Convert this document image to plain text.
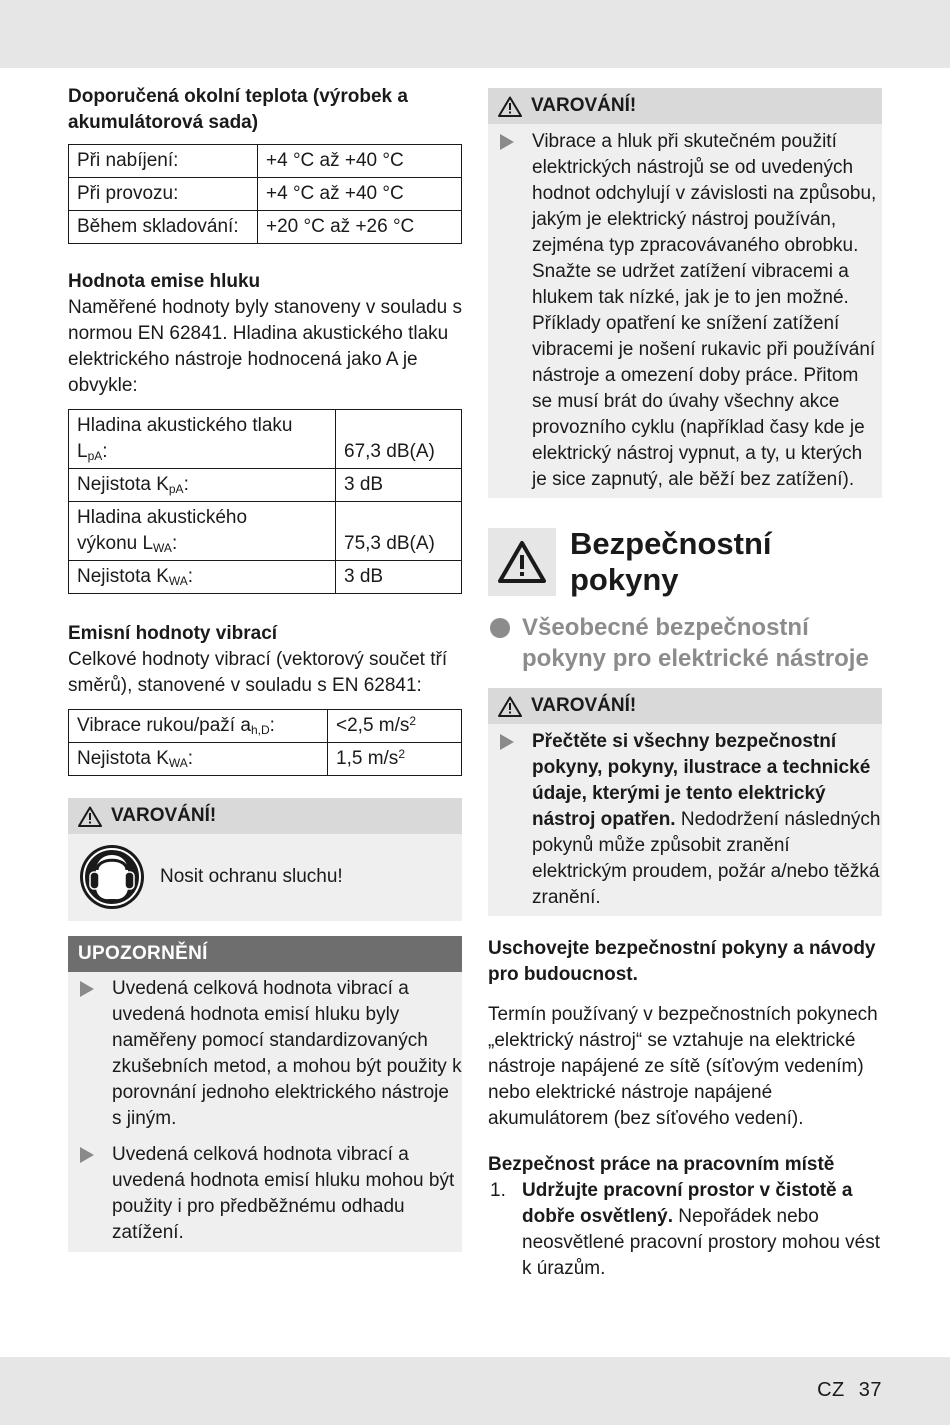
Doporučená okolní teplota (výrobek a akumulátorová sada)

Při nabíjení:	+4 °C až +40 °C
Při provozu:	+4 °C až +40 °C
Během skladování:	+20 °C až +26 °C

Hodnota emise hluku

Naměřené hodnoty byly stanoveny v souladu s normou EN 62841. Hladina akustického tlaku elektrického nástroje hodnocená jako A je obvykle:

Hladina akustického tlaku $L_{pA}$:	67,3 dB(A)
Nejistota $K_{pA}$:	3 dB
Hladina akustického
výkonu $L_{WA}$:	75,3 dB(A)
Nejistota $K_{WA}$:	3 dB

Emisní hodnoty vibrací

Celkové hodnoty vibrací (vektorový součet tří směrů), stanovené v souladu s EN 62841:

Vibrace rukou/paží $a_{h,D}$:	<2,5 $m/s^2$
Nejistota $K_{WA}$:	1,5 $m/s^2$
VAROVÁNÍ!
Nosit ochranu sluchu!
UPOZORNĚNÍ
Uvedená celková hodnota vibrací a uvedená hodnota emisí hluku byly naměřeny pomocí standardizovaných zkušebních metod, a mohou být použity k porovnání jednoho elektrického nástroje s jiným.
Uvedená celková hodnota vibrací a uvedená hodnota emisí hluku mohou být použity i pro předběžnému odhadu zatížení.
VAROVÁNÍ!
Vibrace a hluk při skutečném použití elektrických nástrojů se od uvedených hodnot odchylují v závislosti na způsobu, jakým je elektrický nástroj používán, zejména typ zpracovávaného obrobku. Snažte se udržet zatížení vibracemi a hlukem tak nízké, jak je to jen možné. Příklady opatření ke snížení zatížení vibracemi je nošení rukavic při používání nástroje a omezení doby práce. Přitom se musí brát do úvahy všechny akce provozního cyklu (například časy kde je elektrický nástroj vypnut, a ty, u kterých je sice zapnutý, ale běží bez zatížení).
Bezpečnostní pokyny
Všeobecné bezpečnostní pokyny pro elektrické nástroje
VAROVÁNÍ!
Přečtěte si všechny bezpečnostní pokyny, pokyny, ilustrace a technické údaje, kterými je tento elektrický nástroj opatřen. Nedodržení následných pokynů může způsobit zranění elektrickým proudem, požár a/nebo těžká zranění.

Uschovejte bezpečnostní pokyny a návody pro budoucnost.

Termín používaný v bezpečnostních pokynech „elektrický nástroj“ se vztahuje na elektrické nástroje napájené ze sítě (síťovým vedením) nebo elektrické nástroje napájené akumulátorem (bez síťového vedení).

Bezpečnost práce na pracovním místě

1. Udržujte pracovní prostor v čistotě a dobře osvětlený. Nepořádek nebo neosvětlené pracovní prostory mohou vést k úrazům.
CZ 37
